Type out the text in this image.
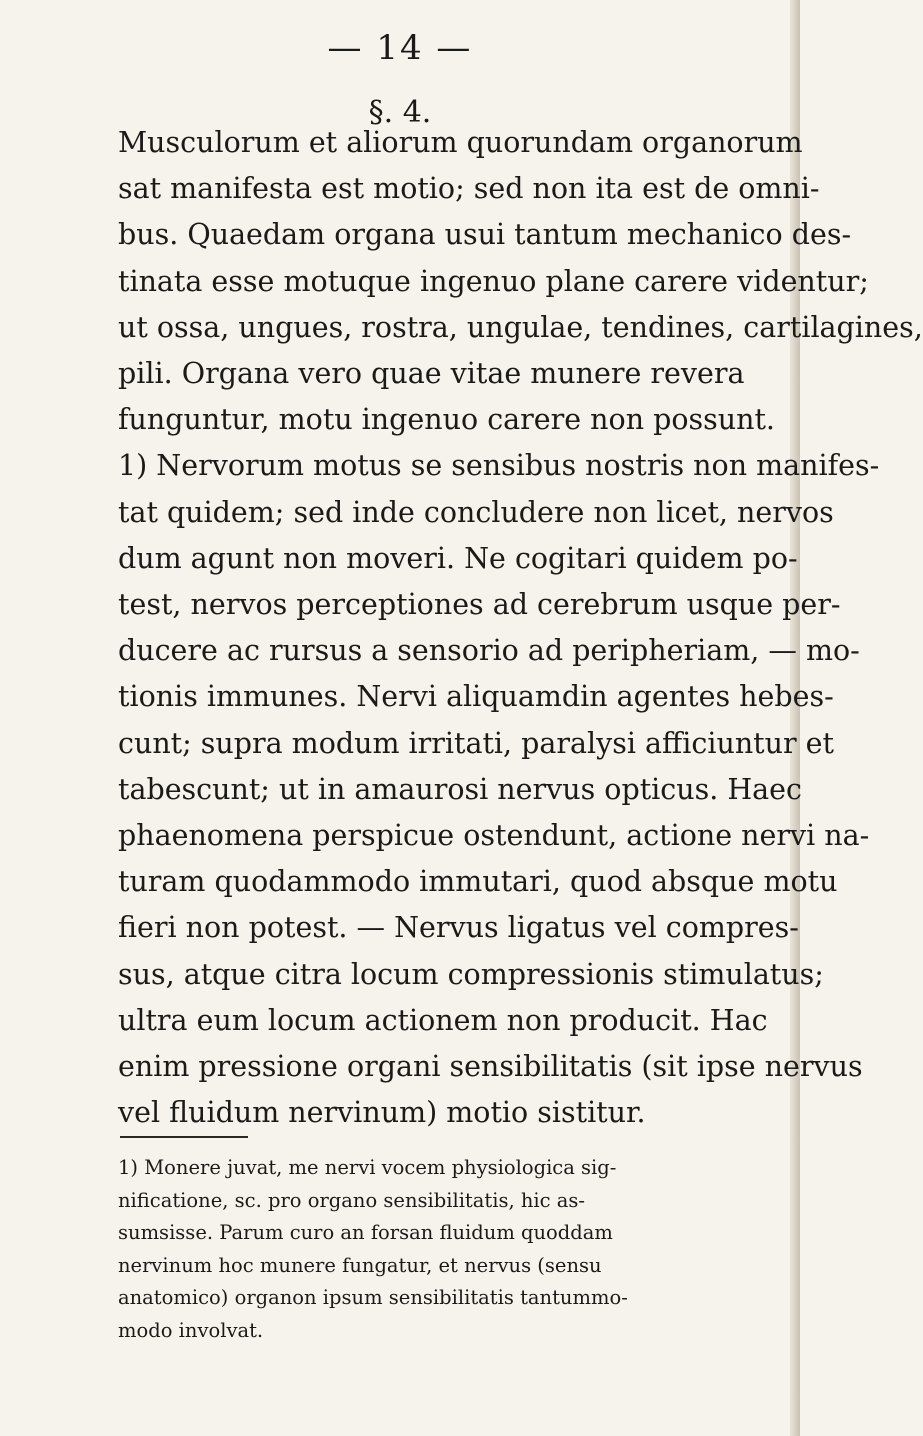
— 14 —
§. 4.

Musculorum et aliorum quorundam organorum
sat manifesta est motio; sed non ita est de omni-
bus. Quaedam organa usui tantum mechanico des-
tinata esse motuque ingenuo plane carere videntur;
ut ossa, ungues, rostra, ungulae, tendines, cartilagines,
pili. Organa vero quae vitae munere revera
funguntur, motu ingenuo carere non possunt.
1) Nervorum motus se sensibus nostris non manifes-
tat quidem; sed inde concludere non licet, nervos
dum agunt non moveri. Ne cogitari quidem po-
test, nervos perceptiones ad cerebrum usque per-
ducere ac rursus a sensorio ad peripheriam, — mo-
tionis immunes. Nervi aliquamdin agentes hebes-
cunt; supra modum irritati, paralysi afficiuntur et
tabescunt; ut in amaurosi nervus opticus. Haec
phaenomena perspicue ostendunt, actione nervi na-
turam quodammodo immutari, quod absque motu
fieri non potest. — Nervus ligatus vel compres-
sus, atque citra locum compressionis stimulatus;
ultra eum locum actionem non producit. Hac
enim pressione organi sensibilitatis (sit ipse nervus
vel fluidum nervinum) motio sistitur.

1) Monere juvat, me nervi vocem physiologica sig-
nificatione, sc. pro organo sensibilitatis, hic as-
sumsisse. Parum curo an forsan fluidum quoddam
nervinum hoc munere fungatur, et nervus (sensu
anatomico) organon ipsum sensibilitatis tantummo-
modo involvat.
